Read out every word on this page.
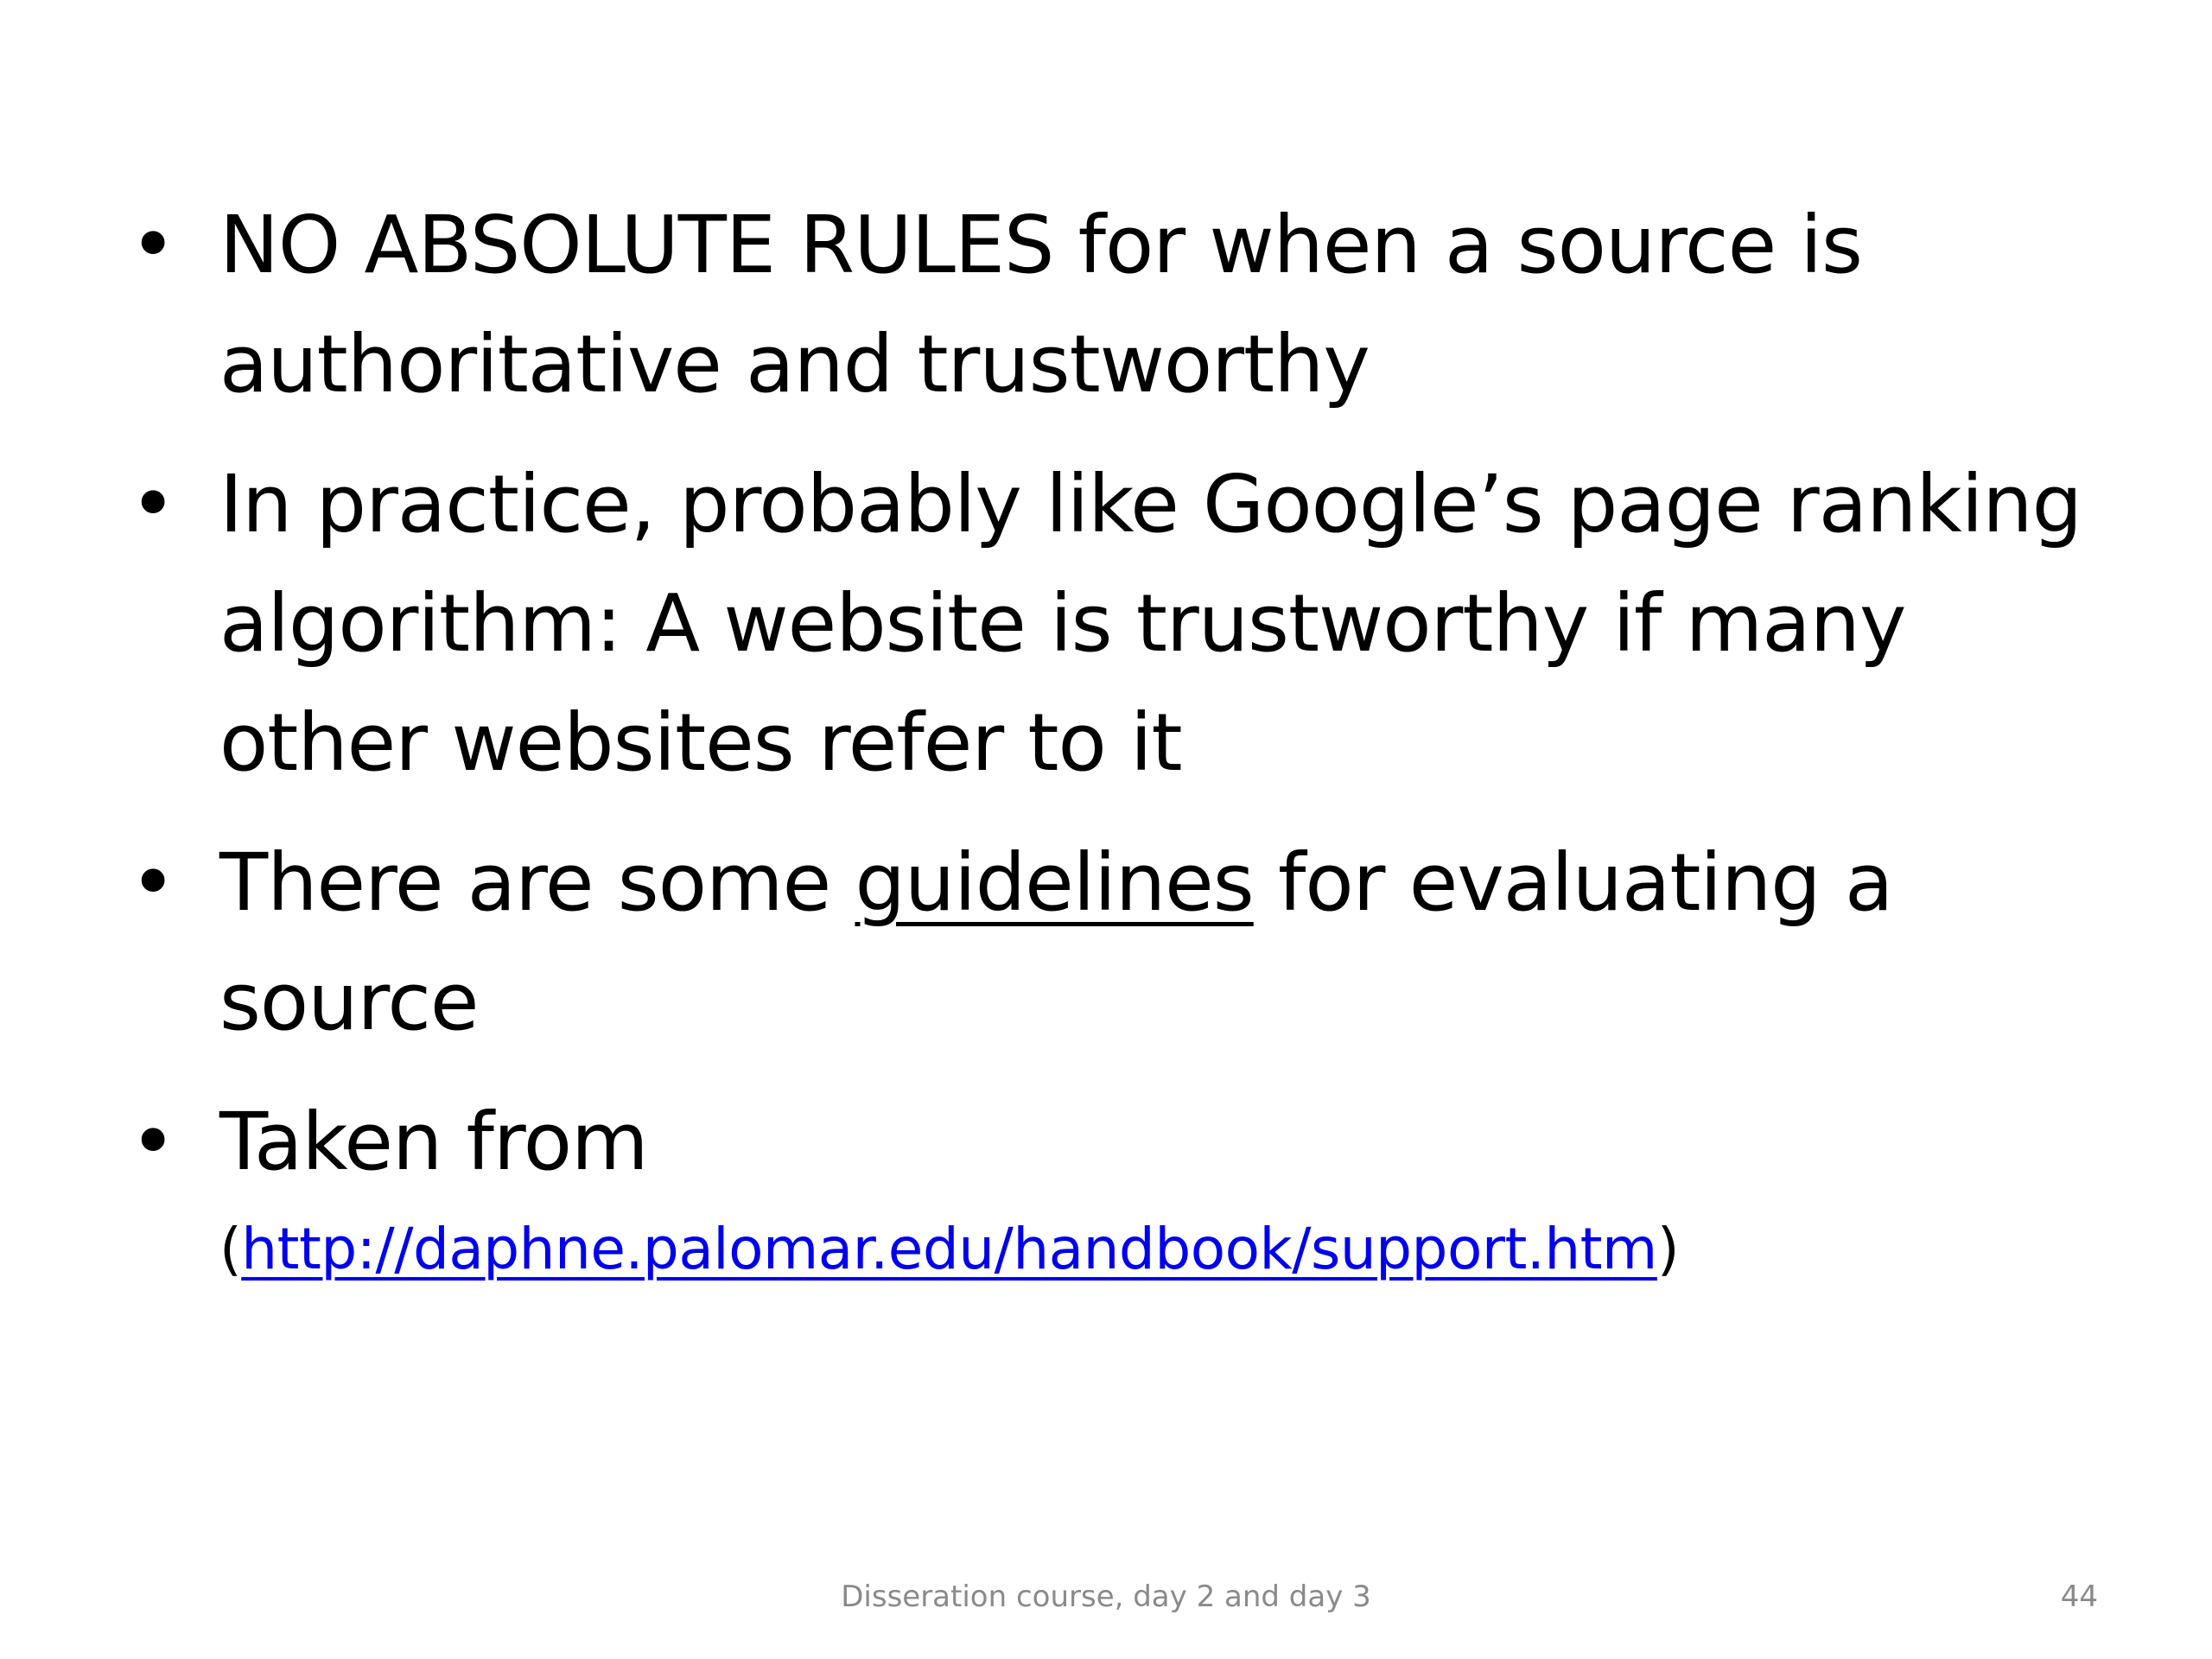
• NO ABSOLUTE RULES for when a source is authoritative and trustworthy
• In practice, probably like Google’s page ranking algorithm: A website is trustworthy if many other websites refer to it
• There are some guidelines for evaluating a source
• Taken from
(http://daphne.palomar.edu/handbook/support.htm)
Disseration course, day 2 and day 3	44
